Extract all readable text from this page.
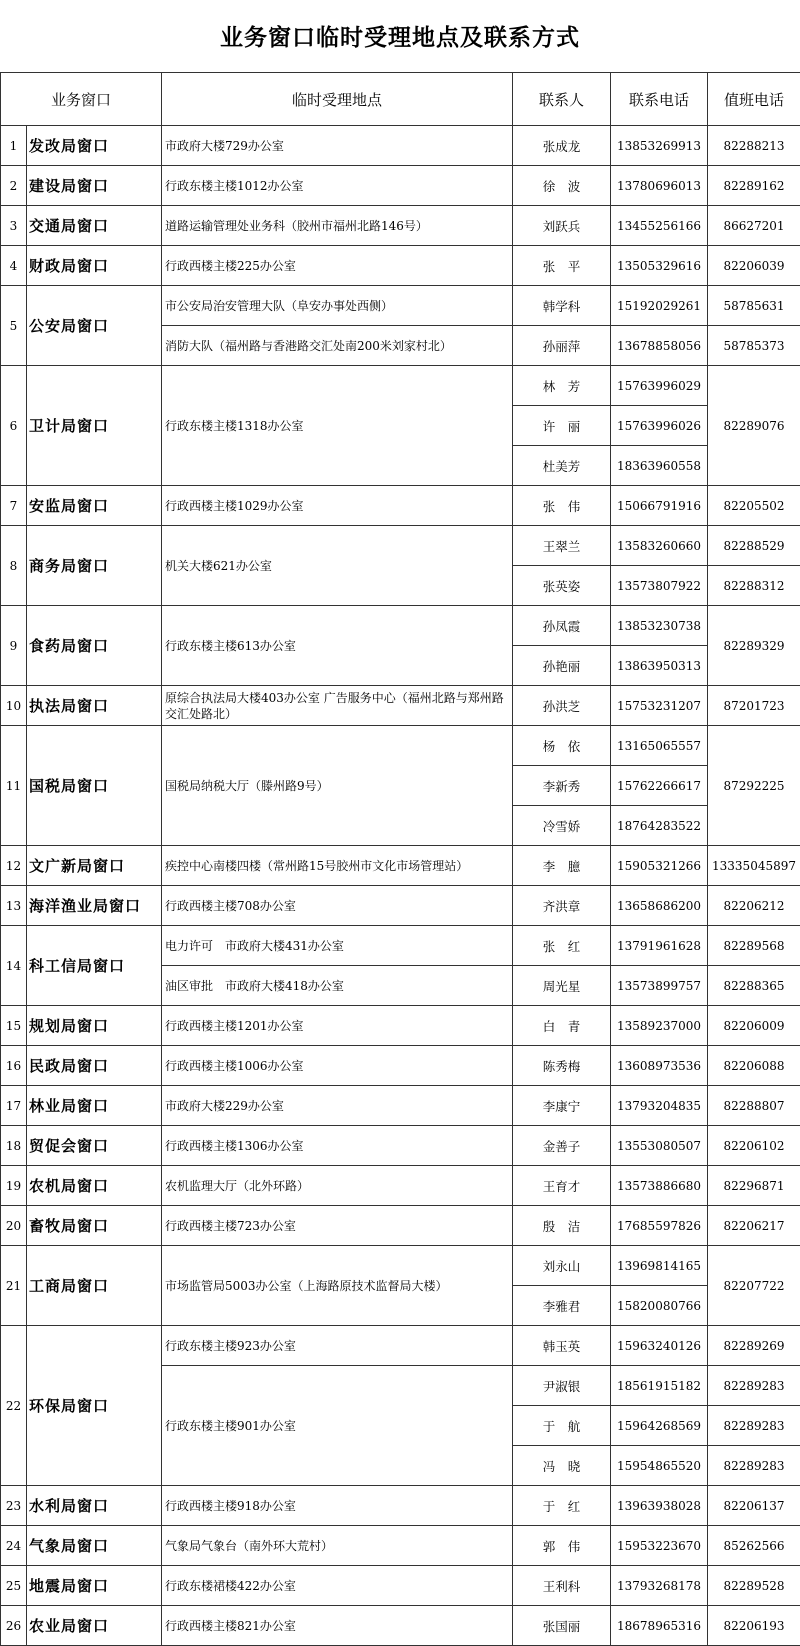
业务窗口临时受理地点及联系方式
业务窗口		临时受理地点	联系人	联系电话	值班电话
1	发改局窗口	市政府大楼729办公室	张成龙	13853269913	82288213
2	建设局窗口	行政东楼主楼1012办公室	徐　波	13780696013	82289162
3	交通局窗口	道路运输管理处业务科（胶州市福州北路146号）	刘跃兵	13455256166	86627201
4	财政局窗口	行政西楼主楼225办公室	张　平	13505329616	82206039
5	公安局窗口	市公安局治安管理大队（阜安办事处西侧）	韩学科	15192029261	58785631
		消防大队（福州路与香港路交汇处南200米刘家村北）	孙丽萍	13678858056	58785373
6	卫计局窗口	行政东楼主楼1318办公室	林　芳	15763996029	82289076
			许　丽	15763996026	
			杜美芳	18363960558	
7	安监局窗口	行政西楼主楼1029办公室	张　伟	15066791916	82205502
8	商务局窗口	机关大楼621办公室	王翠兰	13583260660	82288529
			张英姿	13573807922	82288312
9	食药局窗口	行政东楼主楼613办公室	孙凤霞	13853230738	82289329
			孙艳丽	13863950313	
10	执法局窗口	原综合执法局大楼403办公室 广告服务中心（福州北路与郑州路交汇处路北）	孙洪芝	15753231207	87201723
11	国税局窗口	国税局纳税大厅（滕州路9号）	杨　依	13165065557	87292225
			李新秀	15762266617	
			冷雪娇	18764283522	
12	文广新局窗口	疾控中心南楼四楼（常州路15号胶州市文化市场管理站）	李　臆	15905321266	13335045897
13	海洋渔业局窗口	行政西楼主楼708办公室	齐洪章	13658686200	82206212
14	科工信局窗口	电力许可　市政府大楼431办公室	张　红	13791961628	82289568
		油区审批　市政府大楼418办公室	周光星	13573899757	82288365
15	规划局窗口	行政西楼主楼1201办公室	白　青	13589237000	82206009
16	民政局窗口	行政西楼主楼1006办公室	陈秀梅	13608973536	82206088
17	林业局窗口	市政府大楼229办公室	李康宁	13793204835	82288807
18	贸促会窗口	行政西楼主楼1306办公室	金善子	13553080507	82206102
19	农机局窗口	农机监理大厅（北外环路）	王育才	13573886680	82296871
20	畜牧局窗口	行政西楼主楼723办公室	殷　洁	17685597826	82206217
21	工商局窗口	市场监管局5003办公室（上海路原技术监督局大楼）	刘永山	13969814165	82207722
			李雅君	15820080766	
22	环保局窗口	行政东楼主楼923办公室	韩玉英	15963240126	82289269
		行政东楼主楼901办公室	尹淑银	18561915182	82289283
			于　航	15964268569	82289283
			冯　晓	15954865520	82289283
23	水利局窗口	行政西楼主楼918办公室	于　红	13963938028	82206137
24	气象局窗口	气象局气象台（南外环大荒村）	郭　伟	15953223670	85262566
25	地震局窗口	行政东楼裙楼422办公室	王利科	13793268178	82289528
26	农业局窗口	行政西楼主楼821办公室	张国丽	18678965316	82206193
